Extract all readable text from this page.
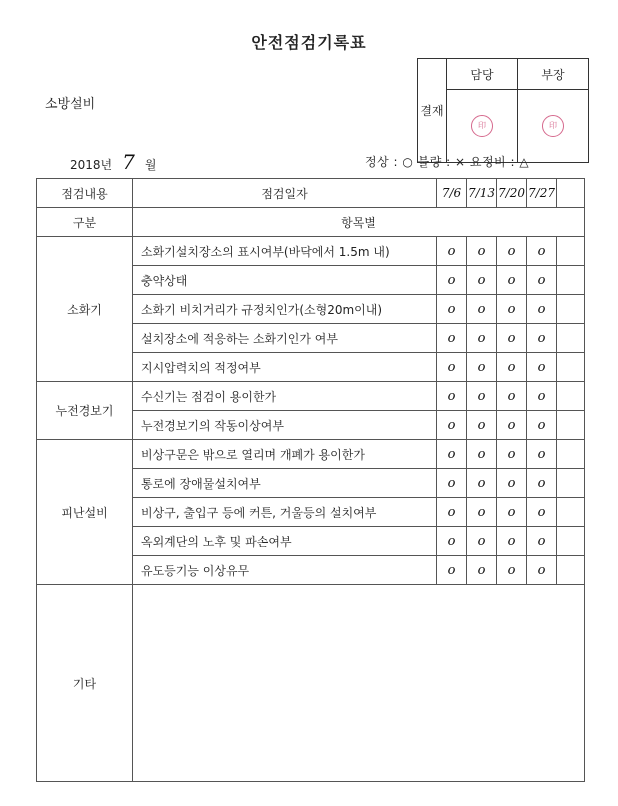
안전점검기록표
소방설비	결재	담당	부장
	印	印
2018년 7 월	정상 : ○ 불량 : × 요정비 : △
점검내용	점검일자	7/6	7/13	7/20	7/27	
구분	항목별					
소화기	소화기설치장소의 표시여부(바닥에서 1.5m 내)	o	o	o	o	
	충약상태	o	o	o	o	
	소화기 비치거리가 규정치인가(소형20m이내)	o	o	o	o	
	설치장소에 적응하는 소화기인가 여부	o	o	o	o	
	지시압력치의 적정여부	o	o	o	o	
누전경보기	수신기는 점검이 용이한가	o	o	o	o	
	누전경보기의 작동이상여부	o	o	o	o	
피난설비	비상구문은 밖으로 열리며 개폐가 용이한가	o	o	o	o	
	통로에 장애물설치여부	o	o	o	o	
	비상구, 출입구 등에 커튼, 거울등의 설치여부	o	o	o	o	
	옥외계단의 노후 및 파손여부	o	o	o	o	
	유도등기능 이상유무	o	o	o	o	
기타						
